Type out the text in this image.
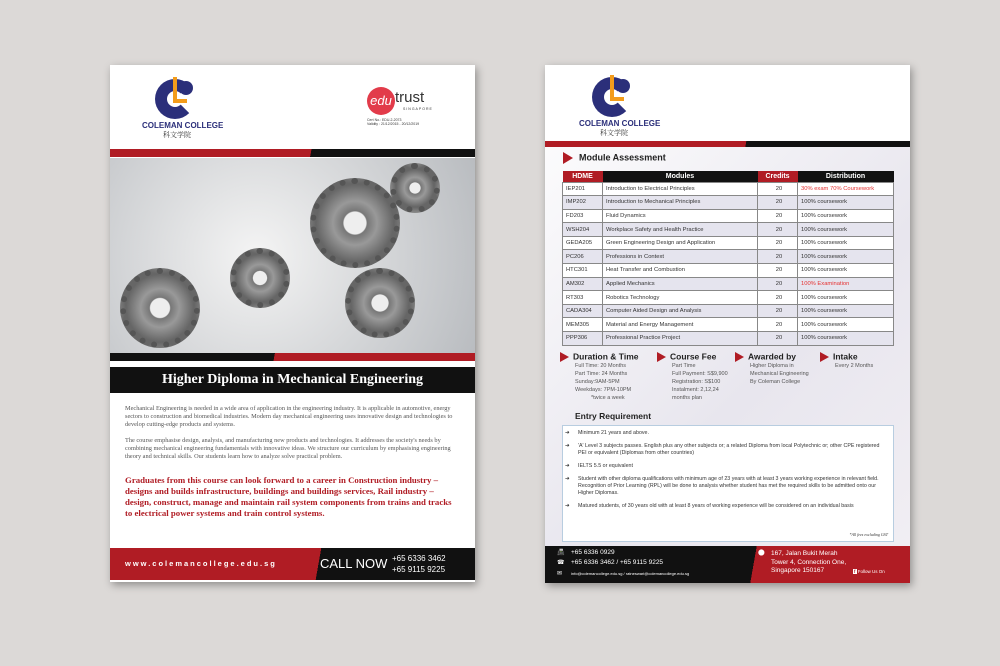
COLEMAN COLLEGE
科文学院
edu trust
SINGAPORE
Cert No.: EDU-2-2073
Validity : 21/12/2015 - 20/12/2019
Higher Diploma in Mechanical Engineering

Mechanical Engineering is needed in a wide area of application in the engineering industry. It is applicable in automotive, energy sectors to construction and biomedical industries. Modern day mechanical engineering uses innovative design and technologies to develop cutting-edge products and systems.

The course emphasise design, analysis, and manufacturing new products and technologies. It addresses the society's needs by combining mechanical engineering fundamentals with innovative ideas. We structure our curriculum by emphasising engineering theory and technical skills. Our students learn how to analyze solve practical problem.

Graduates from this course can look forward to a career in Construction industry – designs and builds infrastructure, buildings and buildings services, Rail industry – design, construct, manage and maintain rail system components from trains and tracks to electrical power systems and train control systems.

www.colemancollege.edu.sg	CALL NOW +65 6336 3462
+65 9115 9225
COLEMAN COLLEGE
科文学院
Module Assessment
HDME	Modules	Credits	Distribution
IEP201	Introduction to Electrical Principles	20	30% exam 70% Coursework
IMP202	Introduction to Mechanical Principles	20	100% coursework
FD203	Fluid Dynamics	20	100% coursework
WSH204	Workplace Safety and Health Practice	20	100% coursework
GEDA205	Green Engineering Design and Application	20	100% coursework
PC206	Professions in Context	20	100% coursework
HTC301	Heat Transfer and Combustion	20	100% coursework
AM302	Applied Mechanics	20	100% Examination
RT303	Robotics Technology	20	100% coursework
CADA304	Computer Aided Design and Analysis	20	100% coursework
MEM305	Material and Energy Management	20	100% coursework
PPP306	Professional Practice Project	20	100% coursework
Duration & Time
Full Time: 20 Months
Part Time: 24 Months
Sunday:9AM-5PM
Weekdays: 7PM-10PM
*twice a week
Course Fee
Part Time
Full Payment: S$9,900
Registration: S$100
Instalment: 2,12,24
months plan
Awarded by
Higher Diploma in
Mechanical Engineering
By Coleman College
Intake
Every 2 Months
Entry Requirement
➜ Minimum 21 years and above.
➜ 'A' Level 3 subjects passes. English plus any other subjects or; a related Diploma from local Polytechnic or; other CPE registered PEI or equivalent (Diplomas from other countries)
➜ IELTS 5.5 or equivalent
➜ Student with other diploma qualifications with minimum age of 23 years with at least 3 years working experience in relevant field. Recognition of Prior Learning (RPL) will be done to analysis whether student has met the required skills to be admitted onto our Higher Diplomas.
➜ Matured students, of 30 years old with at least 8 years of working experience will be considered on an individual basis
*All fees excluding GST
📠 +65 6336 0929
☎ +65 6336 3462 / +65 9115 9225
✉ info@colemancollege.edu.sg / ratneswari@colemancollege.edu.sg
⬤ 167, Jalan Bukit Merah
Tower 4, Connection One,
Singapore 150167	f Follow Us On
